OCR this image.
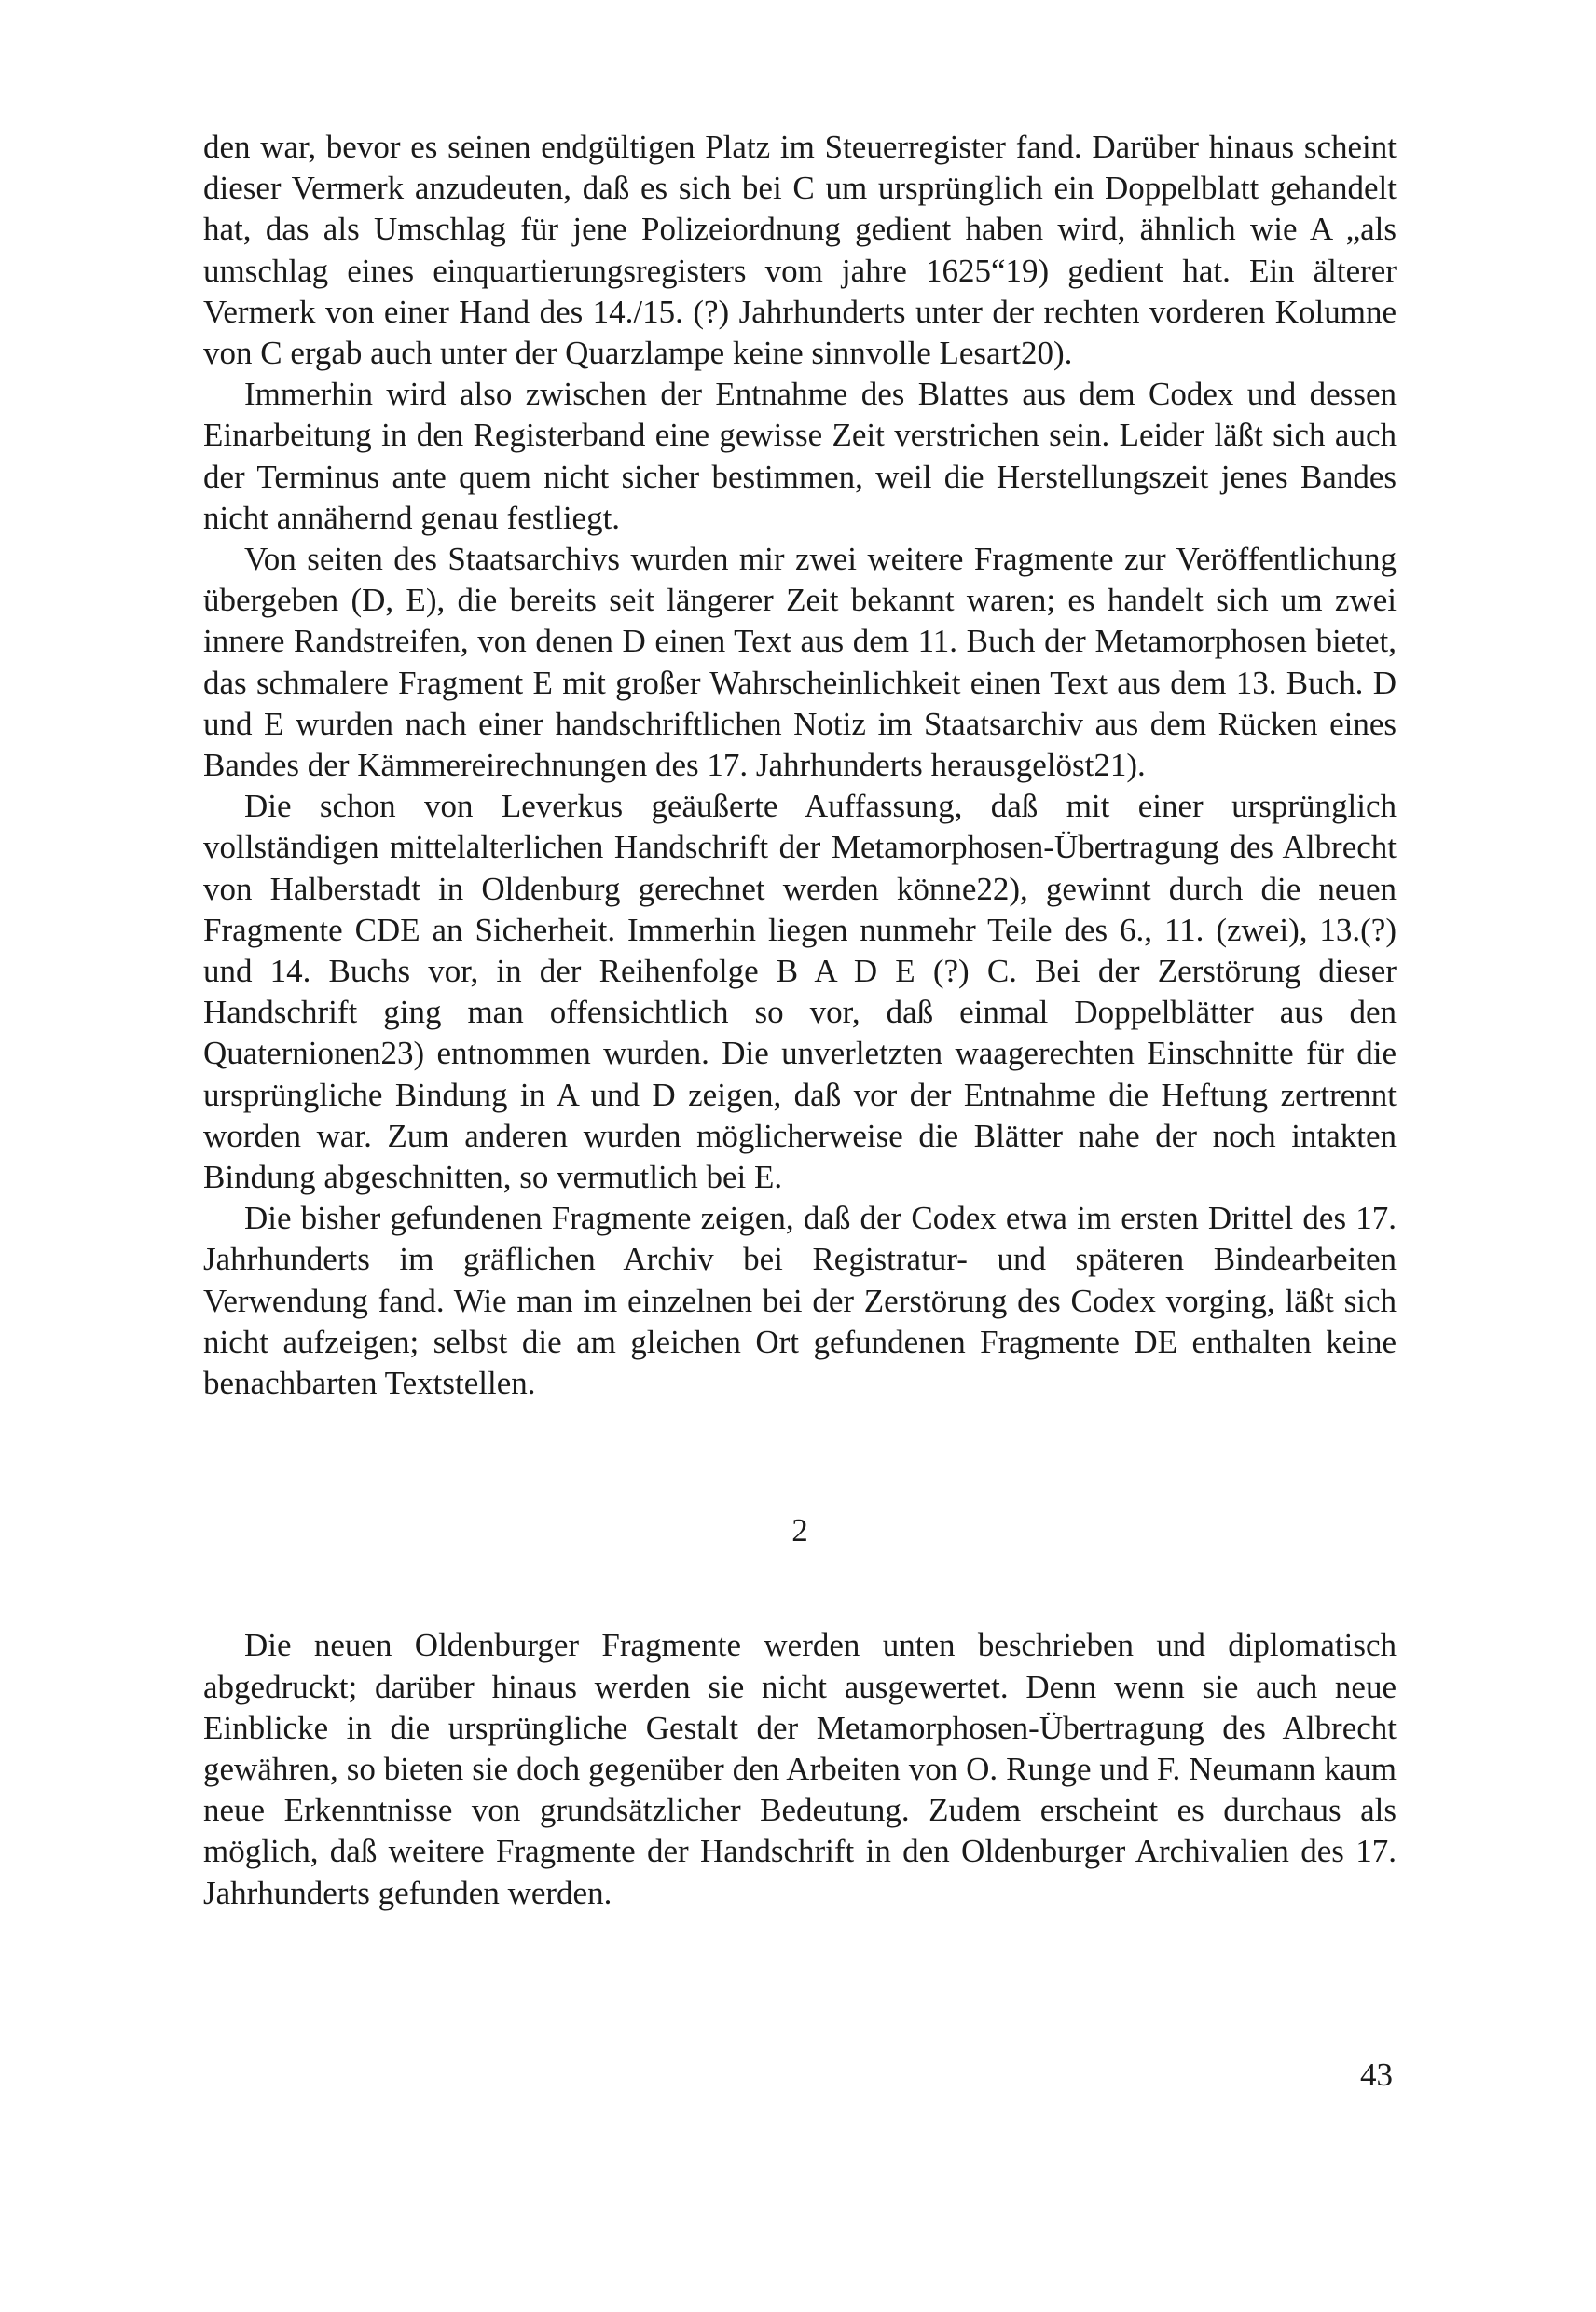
den war, bevor es seinen endgültigen Platz im Steuerregister fand. Darüber hinaus scheint dieser Vermerk anzudeuten, daß es sich bei C um ursprünglich ein Doppelblatt gehandelt hat, das als Umschlag für jene Polizeiordnung gedient haben wird, ähnlich wie A „als umschlag eines einquartierungsregisters vom jahre 1625“19) gedient hat. Ein älterer Vermerk von einer Hand des 14./15. (?) Jahrhunderts unter der rechten vorderen Kolumne von C ergab auch unter der Quarzlampe keine sinnvolle Lesart20).

Immerhin wird also zwischen der Entnahme des Blattes aus dem Codex und dessen Einarbeitung in den Registerband eine gewisse Zeit verstrichen sein. Leider läßt sich auch der Terminus ante quem nicht sicher bestimmen, weil die Herstellungszeit jenes Bandes nicht annähernd genau festliegt.

Von seiten des Staatsarchivs wurden mir zwei weitere Fragmente zur Veröffentlichung übergeben (D, E), die bereits seit längerer Zeit bekannt waren; es handelt sich um zwei innere Randstreifen, von denen D einen Text aus dem 11. Buch der Metamorphosen bietet, das schmalere Fragment E mit großer Wahrscheinlichkeit einen Text aus dem 13. Buch. D und E wurden nach einer handschriftlichen Notiz im Staatsarchiv aus dem Rücken eines Bandes der Kämmereirechnungen des 17. Jahrhunderts herausgelöst21).

Die schon von Leverkus geäußerte Auffassung, daß mit einer ursprünglich vollständigen mittelalterlichen Handschrift der Metamorphosen-Übertragung des Albrecht von Halberstadt in Oldenburg gerechnet werden könne22), gewinnt durch die neuen Fragmente CDE an Sicherheit. Immerhin liegen nunmehr Teile des 6., 11. (zwei), 13.(?) und 14. Buchs vor, in der Reihenfolge B A D E (?) C. Bei der Zerstörung dieser Handschrift ging man offensichtlich so vor, daß einmal Doppelblätter aus den Quaternionen23) entnommen wurden. Die unverletzten waagerechten Einschnitte für die ursprüngliche Bindung in A und D zeigen, daß vor der Entnahme die Heftung zertrennt worden war. Zum anderen wurden möglicherweise die Blätter nahe der noch intakten Bindung abgeschnitten, so vermutlich bei E.

Die bisher gefundenen Fragmente zeigen, daß der Codex etwa im ersten Drittel des 17. Jahrhunderts im gräflichen Archiv bei Registratur- und späteren Bindearbeiten Verwendung fand. Wie man im einzelnen bei der Zerstörung des Codex vorging, läßt sich nicht aufzeigen; selbst die am gleichen Ort gefundenen Fragmente DE enthalten keine benachbarten Textstellen.

2

Die neuen Oldenburger Fragmente werden unten beschrieben und diplomatisch abgedruckt; darüber hinaus werden sie nicht ausgewertet. Denn wenn sie auch neue Einblicke in die ursprüngliche Gestalt der Metamorphosen-Übertragung des Albrecht gewähren, so bieten sie doch gegenüber den Arbeiten von O. Runge und F. Neumann kaum neue Erkenntnisse von grundsätzlicher Bedeutung. Zudem erscheint es durchaus als möglich, daß weitere Fragmente der Handschrift in den Oldenburger Archivalien des 17. Jahrhunderts gefunden werden.

43
